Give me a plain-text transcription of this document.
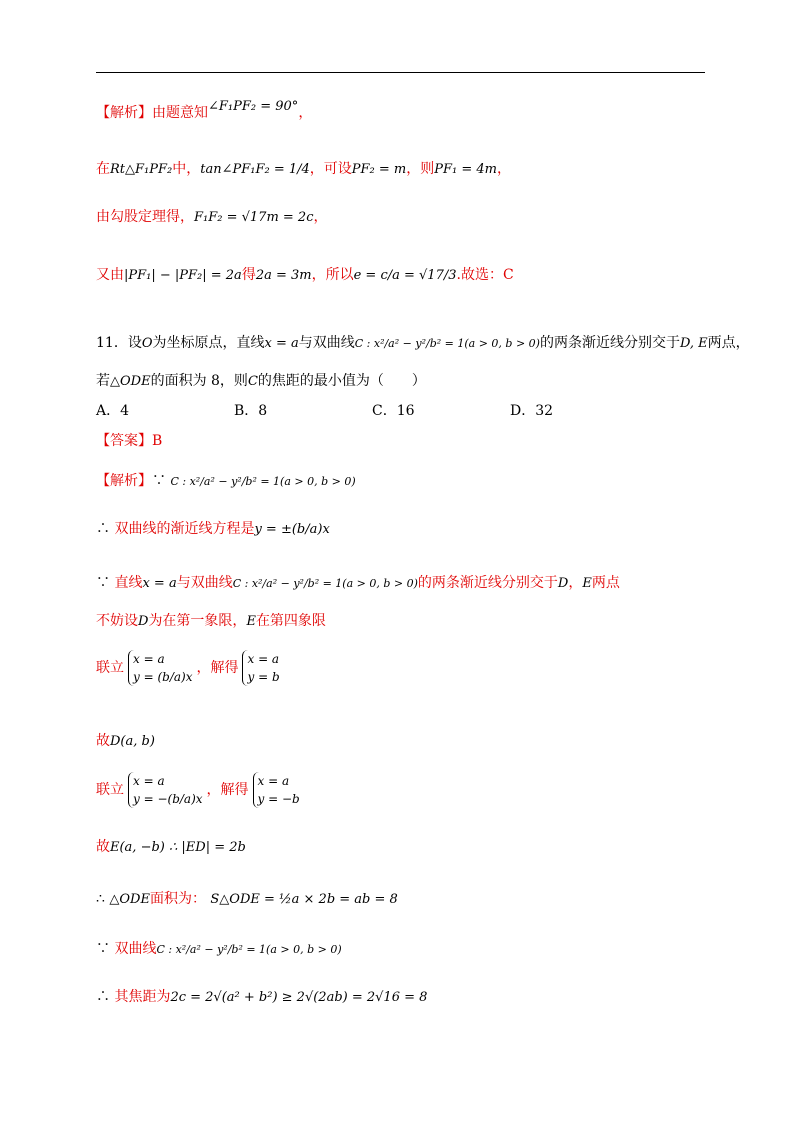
【解析】由题意知∠F₁PF₂ = 90°，
在Rt△F₁PF₂中，tan∠PF₁F₂ = 1/4，可设PF₂ = m，则PF₁ = 4m，
由勾股定理得，F₁F₂ = √17m = 2c，
又由|PF₁| − |PF₂| = 2a得2a = 3m，所以e = c/a = √17/3.故选：C
11．设O为坐标原点，直线x = a与双曲线C : x²/a² − y²/b² = 1(a > 0, b > 0)的两条渐近线分别交于D, E两点，
若△ODE的面积为 8，则C的焦距的最小值为（　　）
A．4	B．8	C．16	D．32
【答案】B
【解析】∵ C : x²/a² − y²/b² = 1(a > 0, b > 0)
∴ 双曲线的渐近线方程是y = ±(b/a)x
∵ 直线x = a与双曲线C : x²/a² − y²/b² = 1(a > 0, b > 0)的两条渐近线分别交于D，E两点
不妨设D为在第一象限，E在第四象限
联立
x = a
y = (b/a)x
，解得
x = a
y = b
故D(a, b)
联立
x = a
y = −(b/a)x
，解得
x = a
y = −b
故E(a, −b) ∴ |ED| = 2b
∴ △ODE面积为： S△ODE = ½a × 2b = ab = 8
∵ 双曲线C : x²/a² − y²/b² = 1(a > 0, b > 0)
∴ 其焦距为2c = 2√(a² + b²) ≥ 2√(2ab) = 2√16 = 8
